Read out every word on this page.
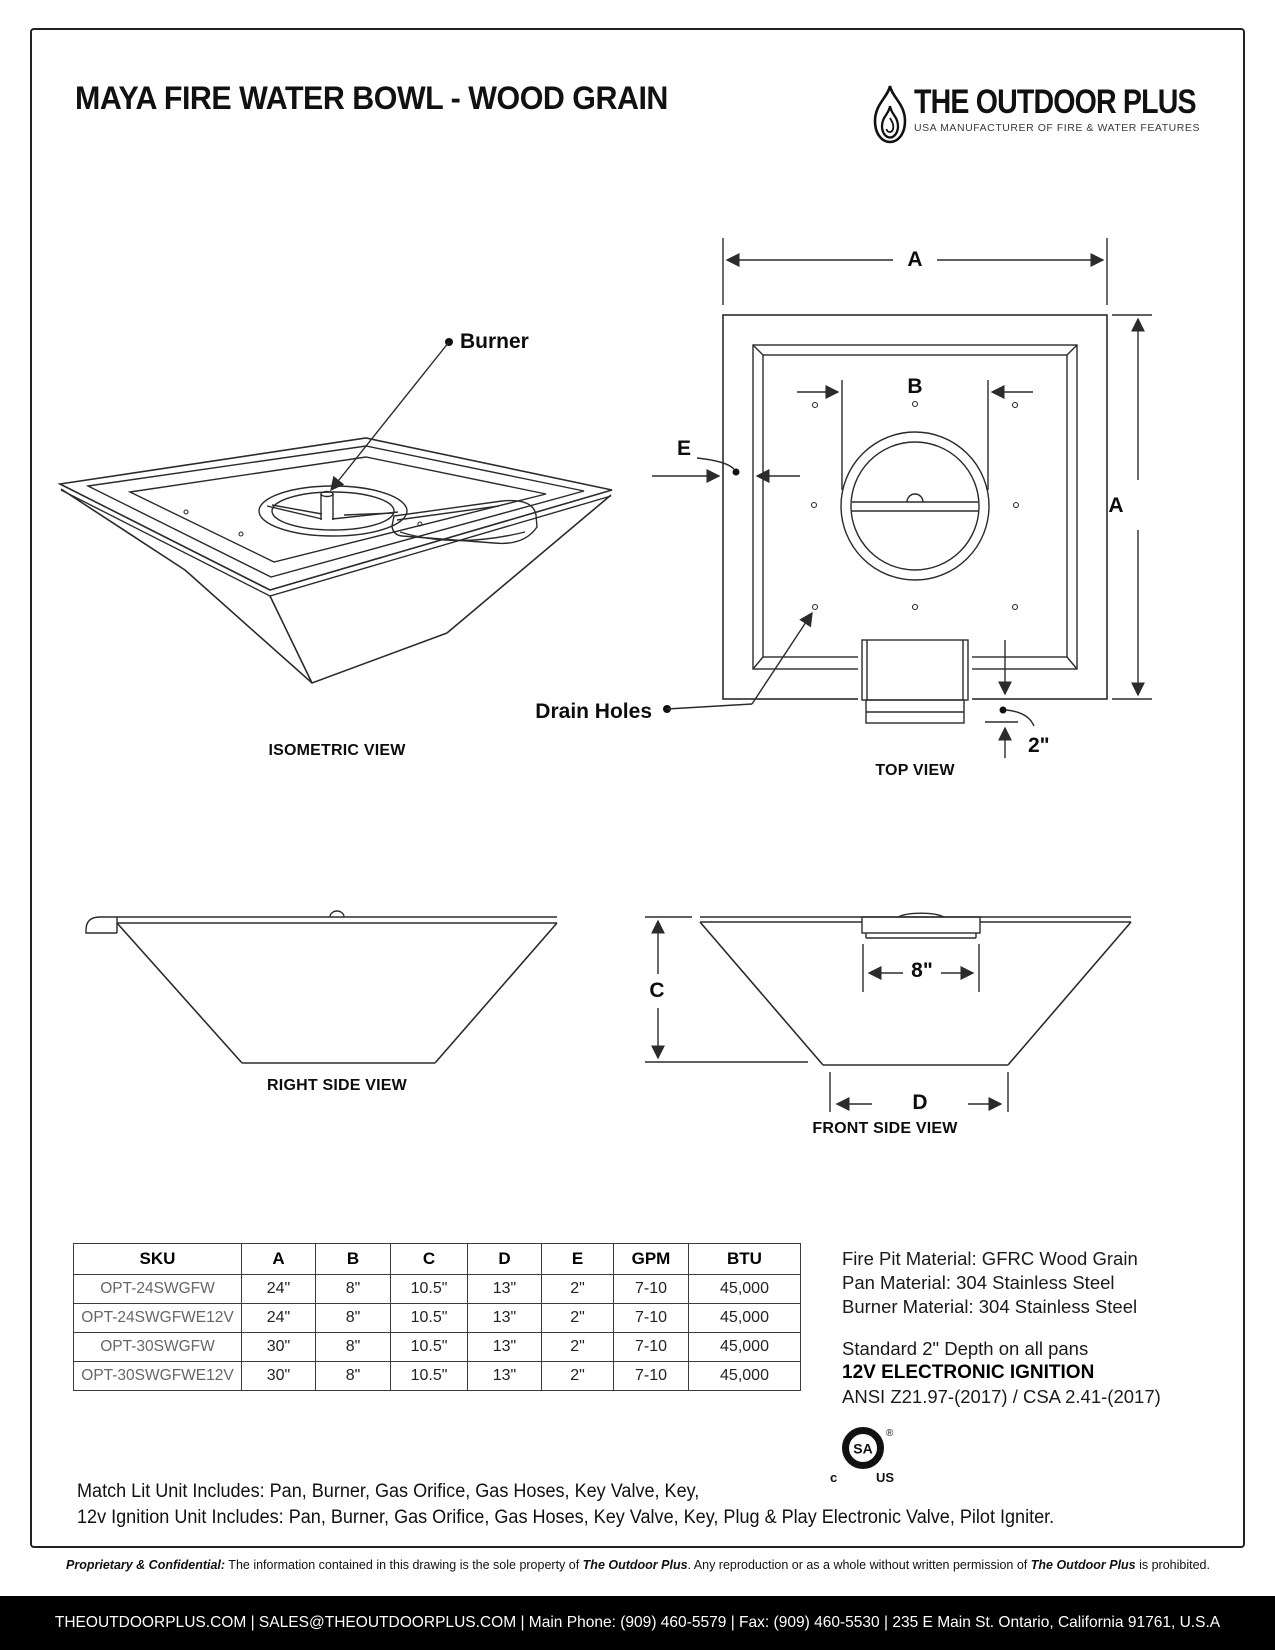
MAYA FIRE WATER BOWL - WOOD GRAIN	THE OUTDOOR PLUS
USA MANUFACTURER OF FIRE & WATER FEATURES
Burner
Drain Holes
ISOMETRIC VIEW
TOP VIEW
RIGHT SIDE VIEW
FRONT SIDE VIEW
A
A
B
E
2"
C
8"
D
SKU	A	B	C	D	E	GPM	BTU
OPT-24SWGFW	24"	8"	10.5"	13"	2"	7-10	45,000
OPT-24SWGFWE12V	24"	8"	10.5"	13"	2"	7-10	45,000
OPT-30SWGFW	30"	8"	10.5"	13"	2"	7-10	45,000
OPT-30SWGFWE12V	30"	8"	10.5"	13"	2"	7-10	45,000
Fire Pit Material: GFRC Wood Grain
Pan Material: 304 Stainless Steel
Burner Material: 304 Stainless Steel
Standard 2" Depth on all pans
12V ELECTRONIC IGNITION
ANSI Z21.97-(2017) / CSA 2.41-(2017)
SA
®
c	US
Match Lit Unit Includes: Pan, Burner, Gas Orifice, Gas Hoses, Key Valve, Key,
12v Ignition Unit Includes: Pan, Burner, Gas Orifice, Gas Hoses, Key Valve, Key, Plug & Play Electronic Valve, Pilot Igniter.
Proprietary & Confidential: The information contained in this drawing is the sole property of The Outdoor Plus. Any reproduction or as a whole without written permission of The Outdoor Plus is prohibited.
THEOUTDOORPLUS.COM | SALES@THEOUTDOORPLUS.COM | Main Phone: (909) 460-5579 | Fax: (909) 460-5530 | 235 E Main St. Ontario, California 91761, U.S.A
